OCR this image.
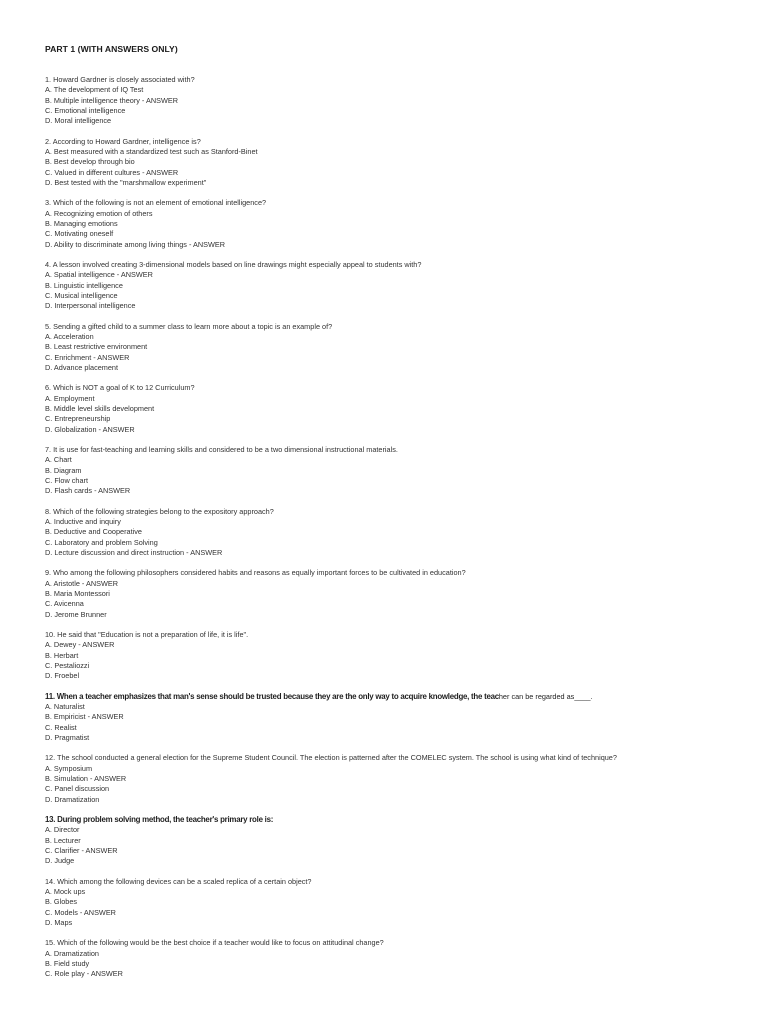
PART 1 (WITH ANSWERS ONLY)
1. Howard Gardner is closely associated with?
A. The development of IQ Test
B. Multiple intelligence theory - ANSWER
C. Emotional intelligence
D. Moral intelligence
2. According to Howard Gardner, intelligence is?
A. Best measured with a standardized test such as Stanford-Binet
B. Best develop through bio
C. Valued in different cultures - ANSWER
D. Best tested with the "marshmallow experiment"
3. Which of the following is not an element of emotional intelligence?
A. Recognizing emotion of others
B. Managing emotions
C. Motivating oneself
D. Ability to discriminate among living things - ANSWER
4. A lesson involved creating 3-dimensional models based on line drawings might especially appeal to students with?
A. Spatial intelligence - ANSWER
B. Linguistic intelligence
C. Musical intelligence
D. Interpersonal intelligence
5. Sending a gifted child to a summer class to learn more about a topic is an example of?
A. Acceleration
B. Least restrictive environment
C. Enrichment - ANSWER
D. Advance placement
6. Which is NOT a goal of K to 12 Curriculum?
A. Employment
B. Middle level skills development
C. Entrepreneurship
D. Globalization - ANSWER
7. It is use for fast-teaching and learning skills and considered to be a two dimensional instructional materials.
A. Chart
B. Diagram
C. Flow chart
D. Flash cards - ANSWER
8. Which of the following strategies belong to the expository approach?
A. Inductive and inquiry
B. Deductive and Cooperative
C. Laboratory and problem Solving
D. Lecture discussion and direct instruction - ANSWER
9. Who among the following philosophers considered habits and reasons as equally important forces to be cultivated in education?
A. Aristotle - ANSWER
B. Maria Montessori
C. Avicenna
D. Jerome Brunner
10. He said that "Education is not a preparation of life, it is life".
A. Dewey - ANSWER
B. Herbart
C. Pestaliozzi
D. Froebel
11. When a teacher emphasizes that man's sense should be trusted because they are the only way to acquire knowledge, the teacher can be regarded as____.
A. Naturalist
B. Empiricist - ANSWER
C. Realist
D. Pragmatist
12. The school conducted a general election for the Supreme Student Council. The election is patterned after the COMELEC system. The school is using what kind of technique?
A. Symposium
B. Simulation - ANSWER
C. Panel discussion
D. Dramatization
13. During problem solving method, the teacher's primary role is:
A. Director
B. Lecturer
C. Clarifier - ANSWER
D. Judge
14. Which among the following devices can be a scaled replica of a certain object?
A. Mock ups
B. Globes
C. Models - ANSWER
D. Maps
15. Which of the following would be the best choice if a teacher would like to focus on attitudinal change?
A. Dramatization
B. Field study
C. Role play - ANSWER
